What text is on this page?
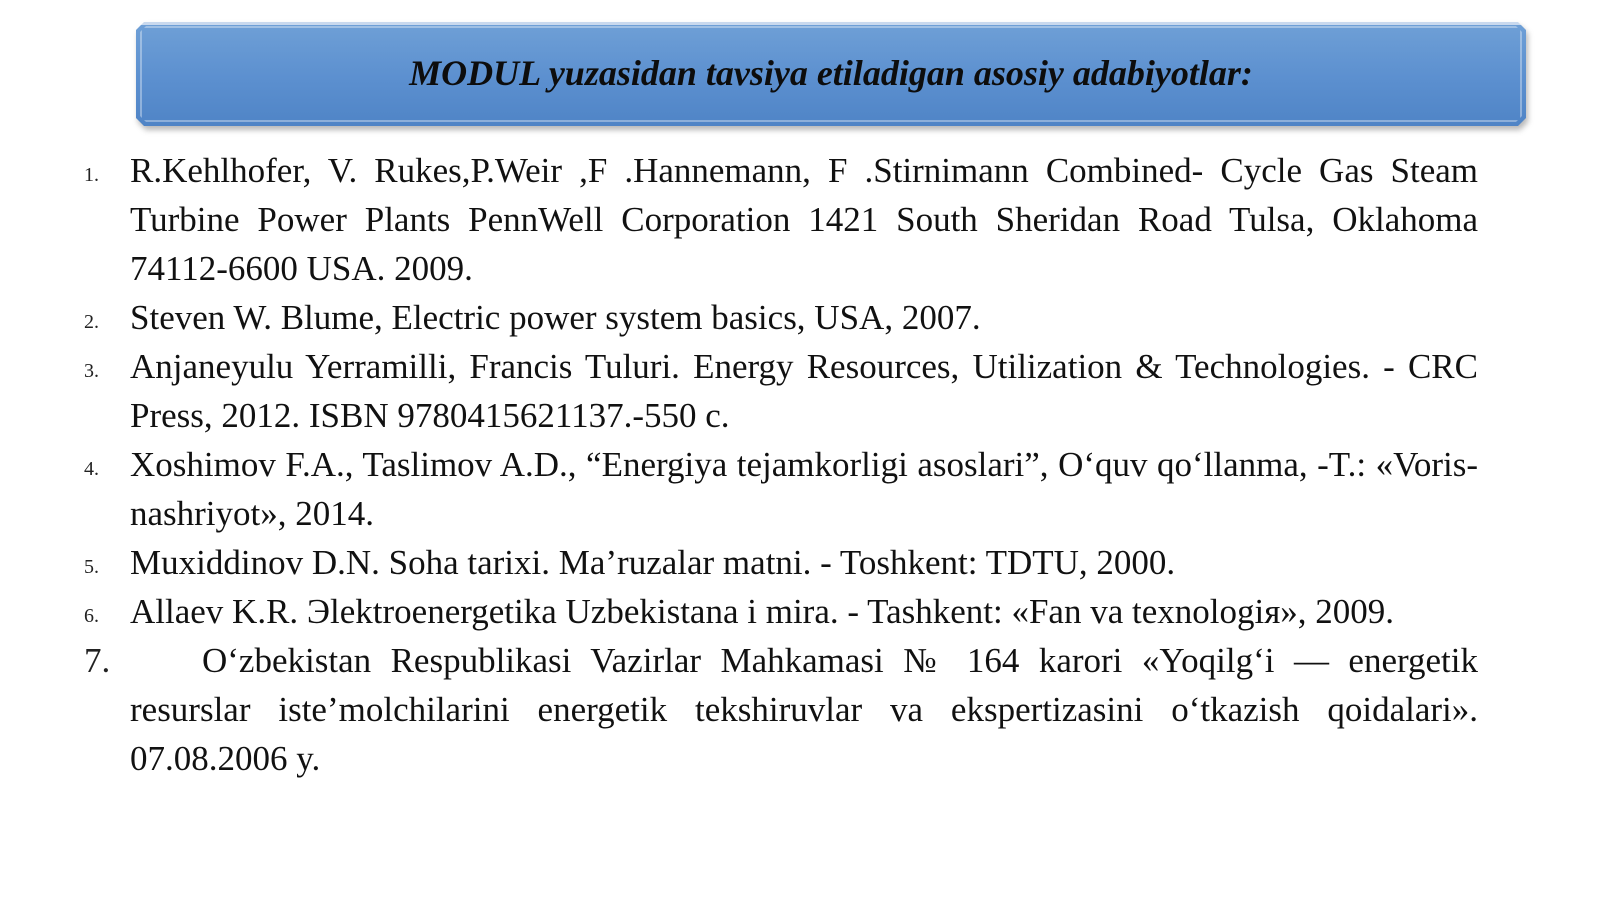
MODUL yuzasidan tavsiya etiladigan asosiy adabiyotlar:
1. R.Kehlhofer, V. Rukes,P.Weir ,F .Hannemann, F .Stirnimann Combined- Cycle Gas Steam Turbine Power Plants PennWell Corporation 1421 South Sheridan Road Tulsa, Oklahoma 74112-6600 USA. 2009.
2. Steven W. Blume, Electric power system basics, USA, 2007.
3. Anjaneyulu Yerramilli, Francis Tuluri. Energy Resources, Utilization & Technologies. - CRC Press, 2012. ISBN 9780415621137.-550 c.
4. Xoshimov F.A., Taslimov A.D., “Energiya tejamkorligi asoslari”, O‘quv qo‘llanma, -T.: «Voris-nashriyot», 2014.
5. Muxiddinov D.N. Soha tarixi. Ma’ruzalar matni. - Toshkent: TDTU, 2000.
6. Allaev K.R. Эlektroenergetika Uzbekistana i mira. - Tashkent: «Fan va texnologiя», 2009.
7.	O‘zbekistan Respublikasi Vazirlar Mahkamasi № 164 karori «Yoqilg‘i — energetik resurslar iste’molchilarini energetik tekshiruvlar va ekspertizasini o‘tkazish qoidalari». 07.08.2006 y.
